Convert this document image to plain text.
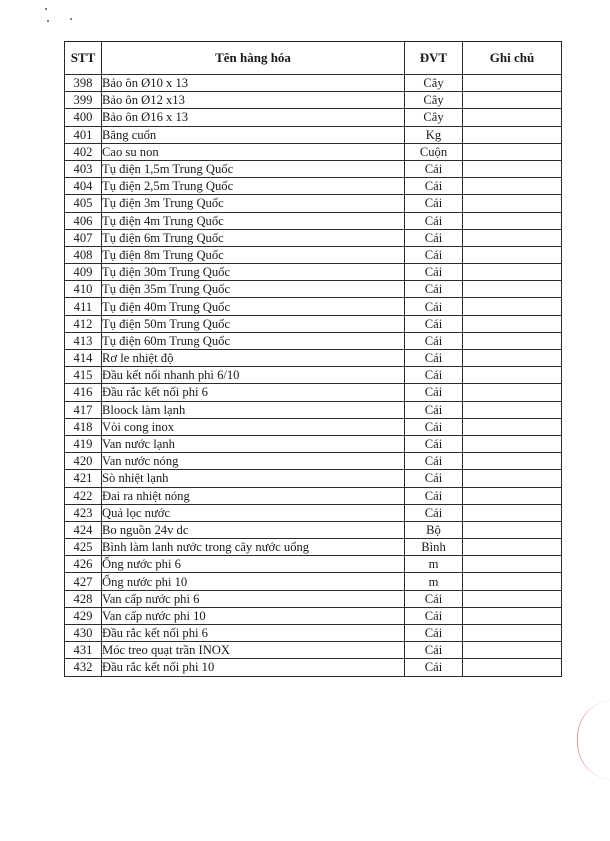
STT	Tên hàng hóa	ĐVT	Ghi chú
398	Bảo ôn Ø10 x 13	Cây	
399	Bảo ôn Ø12 x13	Cây	
400	Bảo ôn Ø16 x 13	Cây	
401	Băng cuốn	Kg	
402	Cao su non	Cuộn	
403	Tụ điện 1,5m Trung Quốc	Cái	
404	Tụ điện 2,5m Trung Quốc	Cái	
405	Tụ điện 3m Trung Quốc	Cái	
406	Tụ điện 4m Trung Quốc	Cái	
407	Tụ điện 6m Trung Quốc	Cái	
408	Tụ điện 8m Trung Quốc	Cái	
409	Tụ điện 30m Trung Quốc	Cái	
410	Tụ điện 35m Trung Quốc	Cái	
411	Tụ điện 40m Trung Quốc	Cái	
412	Tụ điện 50m Trung Quốc	Cái	
413	Tụ điện 60m Trung Quốc	Cái	
414	Rơ le nhiệt độ	Cái	
415	Đầu kết nối nhanh phi 6/10	Cái	
416	Đầu rắc kết nối phi 6	Cái	
417	Bloock làm lạnh	Cái	
418	Vòi cong inox	Cái	
419	Van nước lạnh	Cái	
420	Van nước nóng	Cái	
421	Sò nhiệt lạnh	Cái	
422	Đai ra nhiệt nóng	Cái	
423	Quả lọc nước	Cái	
424	Bo nguồn 24v dc	Bộ	
425	Bình làm lanh nước trong cây nước uống	Bình	
426	Ống nước phi 6	m	
427	Ống nước phi 10	m	
428	Van cấp nước phi 6	Cái	
429	Van cấp nước phi 10	Cái	
430	Đầu rắc kết nối phi 6	Cái	
431	Móc treo quạt trần INOX	Cái	
432	Đầu rắc kết nối phi 10	Cái	
